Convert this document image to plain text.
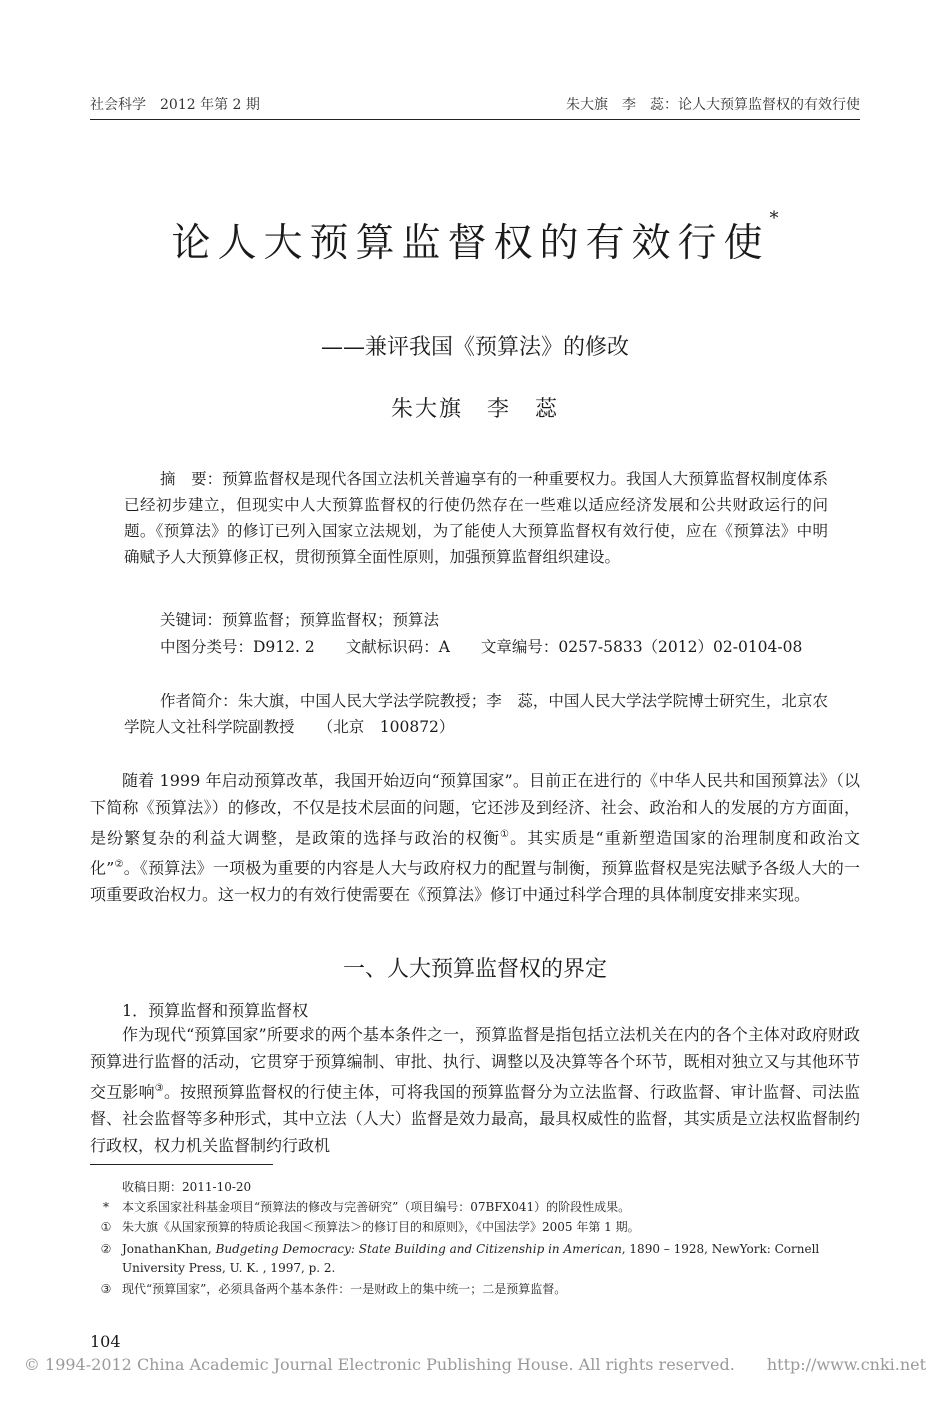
社会科学　2012 年第 2 期	朱大旗　李　蕊：论人大预算监督权的有效行使
论人大预算监督权的有效行使*
——兼评我国《预算法》的修改
朱大旗　李　蕊
摘　要：预算监督权是现代各国立法机关普遍享有的一种重要权力。我国人大预算监督权制度体系已经初步建立，但现实中人大预算监督权的行使仍然存在一些难以适应经济发展和公共财政运行的问题。《预算法》的修订已列入国家立法规划，为了能使人大预算监督权有效行使，应在《预算法》中明确赋予人大预算修正权，贯彻预算全面性原则，加强预算监督组织建设。
关键词：预算监督；预算监督权；预算法
中图分类号：D912. 2　　文献标识码：A　　文章编号：0257-5833（2012）02-0104-08
作者简介：朱大旗，中国人民大学法学院教授；李　蕊，中国人民大学法学院博士研究生，北京农学院人文社科学院副教授　　（北京　100872）

随着 1999 年启动预算改革，我国开始迈向“预算国家”。目前正在进行的《中华人民共和国预算法》（以下简称《预算法》）的修改，不仅是技术层面的问题，它还涉及到经济、社会、政治和人的发展的方方面面，是纷繁复杂的利益大调整，是政策的选择与政治的权衡①。其实质是“重新塑造国家的治理制度和政治文化”②。《预算法》一项极为重要的内容是人大与政府权力的配置与制衡，预算监督权是宪法赋予各级人大的一项重要政治权力。这一权力的有效行使需要在《预算法》修订中通过科学合理的具体制度安排来实现。

一、人大预算监督权的界定
1．预算监督和预算监督权

作为现代“预算国家”所要求的两个基本条件之一，预算监督是指包括立法机关在内的各个主体对政府财政预算进行监督的活动，它贯穿于预算编制、审批、执行、调整以及决算等各个环节，既相对独立又与其他环节交互影响③。按照预算监督权的行使主体，可将我国的预算监督分为立法监督、行政监督、审计监督、司法监督、社会监督等多种形式，其中立法（人大）监督是效力最高，最具权威性的监督，其实质是立法权监督制约行政权，权力机关监督制约行政机

收稿日期：2011-10-20
* 本文系国家社科基金项目“预算法的修改与完善研究”（项目编号：07BFX041）的阶段性成果。
① 朱大旗《从国家预算的特质论我国＜预算法＞的修订目的和原则》，《中国法学》2005 年第 1 期。
② JonathanKhan, Budgeting Democracy: State Building and Citizenship in American, 1890 – 1928, NewYork: Cornell University Press, U. K. , 1997, p. 2.
③ 现代“预算国家”，必须具备两个基本条件：一是财政上的集中统一；二是预算监督。
104
© 1994-2012 China Academic Journal Electronic Publishing House. All rights reserved.　　http://www.cnki.net
